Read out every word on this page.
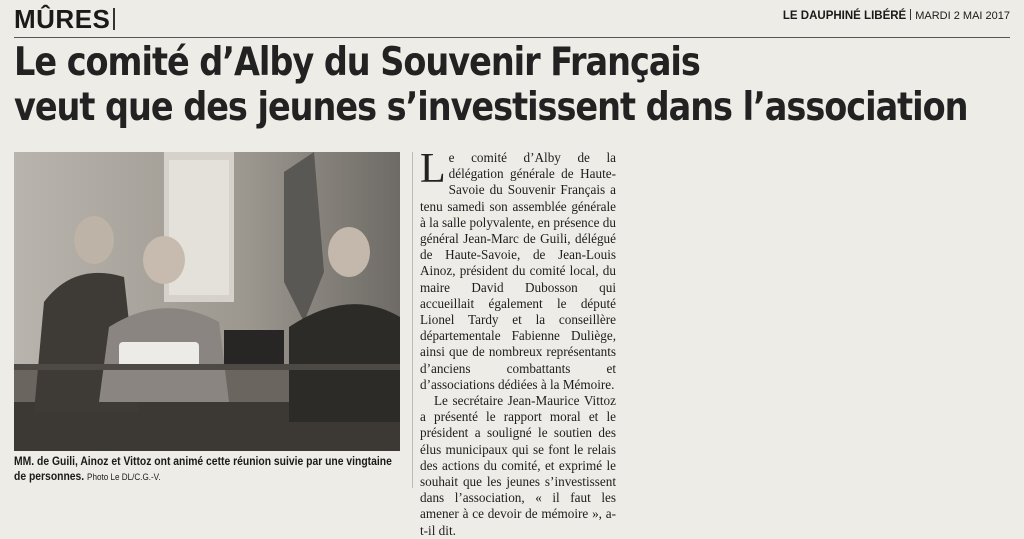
MÛRES	LE DAUPHINÉ LIBÉRÉ MARDI 2 MAI 2017
Le comité d’Alby du Souvenir Français
veut que des jeunes s’investissent dans l’association
MM. de Guili, Ainoz et Vittoz ont animé cette réunion suivie par une vingtaine de personnes. Photo Le DL/C.G.-V.

Le comité d’Alby de la délégation générale de Haute-Savoie du Souvenir Français a tenu samedi son assemblée générale à la salle polyvalente, en présence du général Jean-Marc de Guili, délégué de Haute-Savoie, de Jean-Louis Ainoz, président du comité local, du maire David Dubosson qui accueillait également le député Lionel Tardy et la conseillère départementale Fabienne Duliège, ainsi que de nombreux représentants d’anciens combattants et d’associations dédiées à la Mémoire.

Le secrétaire Jean-Maurice Vittoz a présenté le rapport moral et le président a souligné le soutien des élus municipaux qui se font le relais des actions du comité, et exprimé le souhait que les jeunes s’investissent dans l’association, « il faut les amener à ce devoir de mémoire », a-t-il dit.
